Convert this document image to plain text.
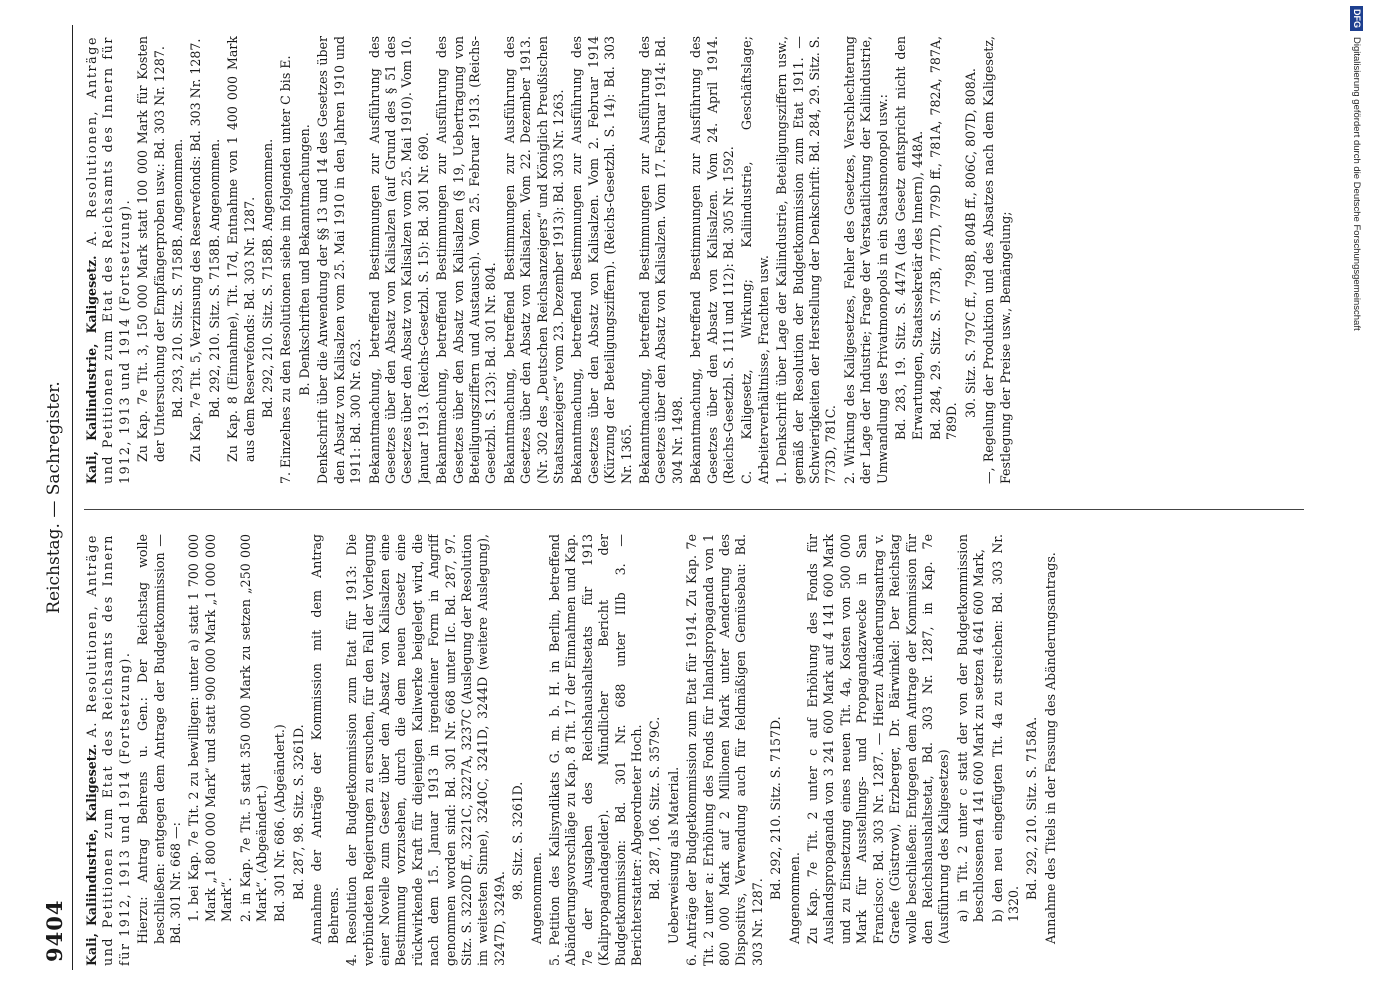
9404
Reichstag. — Sachregister.

Kali, Kaliindustrie, Kaligesetz. A. Resolutionen, Anträge und Petitionen zum Etat des Reichsamts des Innern für 1912, 1913 und 1914 (Fortsetzung). Hierzu: Antrag Behrens u. Gen.: Der Reichstag wolle beschließen: entgegen dem Antrage der Budgetkommission — Bd. 301 Nr. 668 —: 1. bei Kap. 7e Tit. 2 zu bewilligen: unter a) statt 1 700 000 Mark „1 800 000 Mark“ und statt 900 000 Mark „1 000 000 Mark“. 2. in Kap. 7e Tit. 5 statt 350 000 Mark zu setzen „250 000 Mark“. (Abgeändert.) Bd. 301 Nr. 686. (Abgeändert.) Bd. 287, 98. Sitz. S. 3261D. Annahme der Anträge der Kommission mit dem Antrag Behrens. 4. Resolution der Budgetkommission zum Etat für 1913: Die verbündeten Regierungen zu ersuchen, für den Fall der Vorlegung einer Novelle zum Gesetz über den Absatz von Kalisalzen eine Bestimmung vorzusehen, durch die dem neuen Gesetz eine rückwirkende Kraft für diejenigen Kaliwerke beigelegt wird, die nach dem 15. Januar 1913 in irgendeiner Form in Angriff genommen worden sind: Bd. 301 Nr. 668 unter IIc. Bd. 287, 97. Sitz. S. 3220D ff., 3221C, 3227A, 3237C (Auslegung der Resolution im weitesten Sinne), 3240C, 3241D, 3244D (weitere Auslegung), 3247D, 3249A.

98. Sitz. S. 3261D. Angenommen. 5. Petition des Kalisyndikats G. m. b. H. in Berlin, betreffend Abänderungsvorschläge zu Kap. 8 Tit. 17 der Einnahmen und Kap. 7e der Ausgaben des Reichshaushaltsetats für 1913 (Kalipropagandagelder). Mündlicher Bericht der Budgetkommission: Bd. 301 Nr. 688 unter IIIb 3. — Berichterstatter: Abgeordneter Hoch. Bd. 287, 106. Sitz. S. 3579C. Ueberweisung als Material. 6. Anträge der Budgetkommission zum Etat für 1914. Zu Kap. 7e Tit. 2 unter a: Erhöhung des Fonds für Inlandspropaganda von 1 800 000 Mark auf 2 Millionen Mark unter Aenderung des Dispositivs, Verwendung auch für feldmäßigen Gemüsebau: Bd. 303 Nr. 1287.

Bd. 292, 210. Sitz. S. 7157D. Angenommen. Zu Kap. 7e Tit. 2 unter c auf Erhöhung des Fonds für Auslandspropaganda von 3 241 600 Mark auf 4 141 600 Mark und zu Einsetzung eines neuen Tit. 4a, Kosten von 500 000 Mark für Ausstellungs- und Propagandazwecke in San Francisco: Bd. 303 Nr. 1287. — Hierzu Abänderungsantrag v. Graefe (Güstrow), Erzberger, Dr. Bärwinkel: Der Reichstag wolle beschließen: Entgegen dem Antrage der Kommission für den Reichshaushaltsetat, Bd. 303 Nr. 1287, in Kap. 7e (Ausführung des Kaligesetzes) a) in Tit. 2 unter c statt der von der Budgetkommission beschlossenen 4 141 600 Mark zu setzen 4 641 600 Mark, b) den neu eingefügten Tit. 4a zu streichen: Bd. 303 Nr. 1320.

Bd. 292, 210. Sitz. S. 7158A. Annahme des Titels in der Fassung des Abänderungsantrags.

Kali, Kaliindustrie, Kaligesetz. A. Resolutionen, Anträge und Petitionen zum Etat des Reichsamts des Innern für 1912, 1913 und 1914 (Fortsetzung). Zu Kap. 7e Tit. 3, 150 000 Mark statt 100 000 Mark für Kosten der Untersuchung der Empfängerproben usw.: Bd. 303 Nr. 1287. Bd. 293, 210. Sitz. S. 7158B. Angenommen. Zu Kap. 7e Tit. 5, Verzinsung des Reservefonds: Bd. 303 Nr. 1287. Bd. 292, 210. Sitz. S. 7158B. Angenommen. Zu Kap. 8 (Einnahme), Tit. 17d, Entnahme von 1 400 000 Mark aus dem Reservefonds: Bd. 303 Nr. 1287. Bd. 292, 210. Sitz. S. 7158B. Angenommen. 7. Einzelnes zu den Resolutionen siehe im folgenden unter C bis E. B. Denkschriften und Bekanntmachungen. Denkschrift über die Anwendung der §§ 13 und 14 des Gesetzes über den Absatz von Kalisalzen vom 25. Mai 1910 in den Jahren 1910 und 1911: Bd. 300 Nr. 623. Bekanntmachung, betreffend Bestimmungen zur Ausführung des Gesetzes über den Absatz von Kalisalzen (auf Grund des § 51 des Gesetzes über den Absatz von Kalisalzen vom 25. Mai 1910). Vom 10. Januar 1913. (Reichs-Gesetzbl. S. 15): Bd. 301 Nr. 690. Bekanntmachung, betreffend Bestimmungen zur Ausführung des Gesetzes über den Absatz von Kalisalzen (§ 19, Uebertragung von Beteiligungsziffern und Austausch). Vom 25. Februar 1913. (Reichs-Gesetzbl. S. 123): Bd. 301 Nr. 804. Bekanntmachung, betreffend Bestimmungen zur Ausführung des Gesetzes über den Absatz von Kalisalzen. Vom 22. Dezember 1913. (Nr. 302 des „Deutschen Reichsanzeigers“ und Königlich Preußischen Staatsanzeigers“ vom 23. Dezember 1913): Bd. 303 Nr. 1263. Bekanntmachung, betreffend Bestimmungen zur Ausführung des Gesetzes über den Absatz von Kalisalzen. Vom 2. Februar 1914 (Kürzung der Beteiligungsziffern). (Reichs-Gesetzbl. S. 14): Bd. 303 Nr. 1365. Bekanntmachung, betreffend Bestimmungen zur Ausführung des Gesetzes über den Absatz von Kalisalzen. Vom 17. Februar 1914: Bd. 304 Nr. 1498. Bekanntmachung, betreffend Bestimmungen zur Ausführung des Gesetzes über den Absatz von Kalisalzen. Vom 24. April 1914. (Reichs-Gesetzbl. S. 111 und 112): Bd. 305 Nr. 1592. C. Kaligesetz, Wirkung; Kaliindustrie, Geschäftslage; Arbeiterverhältnisse, Frachten usw. 1. Denkschrift über Lage der Kaliindustrie, Beteiligungsziffern usw., gemäß der Resolution der Budgetkommission zum Etat 1911. — Schwierigkeiten der Herstellung der Denkschrift: Bd. 284, 29. Sitz. S. 773D, 781C. 2. Wirkung des Kaligesetzes, Fehler des Gesetzes, Verschlechterung der Lage der Industrie; Frage der Verstaatlichung der Kaliindustrie, Umwandlung des Privatmonopols in ein Staatsmonopol usw.: Bd. 283, 19. Sitz. S. 447A (das Gesetz entspricht nicht den Erwartungen, Staatssekretär des Innern), 448A. Bd. 284, 29. Sitz. S. 773B, 777D, 779D ff., 781A, 782A, 787A, 789D.

30. Sitz. S. 797C ff., 798B, 804B ff., 806C, 807D, 808A. —, Regelung der Produktion und des Absatzes nach dem Kaligesetz, Festlegung der Preise usw., Bemängelung;

DFG
Digitalisierung gefördert durch die Deutsche Forschungsgemeinschaft
